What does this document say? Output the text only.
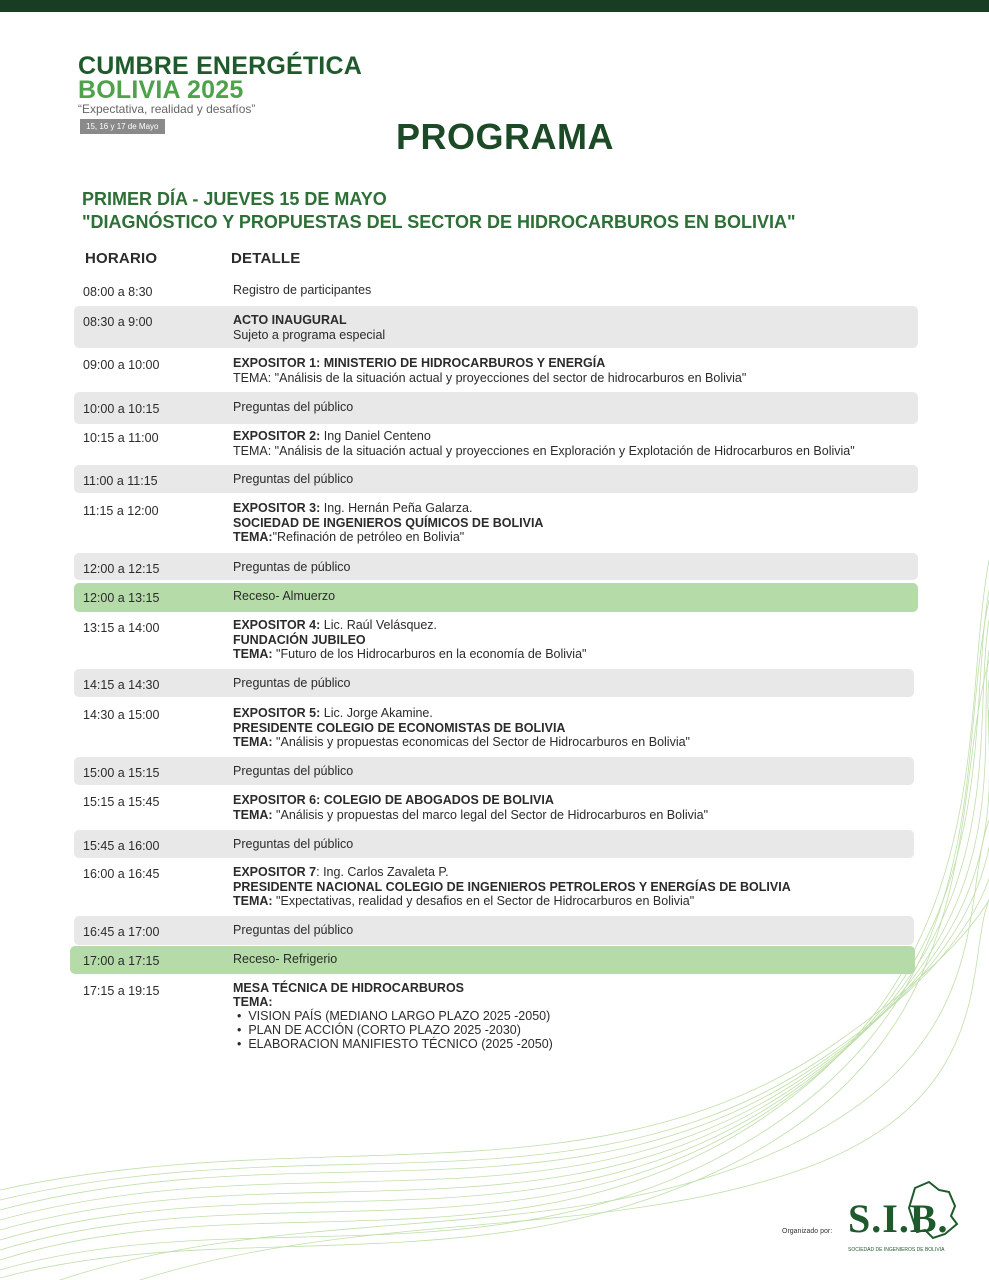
CUMBRE ENERGÉTICA
BOLIVIA 2025
“Expectativa, realidad y desafíos”
15, 16 y 17 de Mayo	PROGRAMA
PRIMER DÍA - JUEVES 15 DE MAYO
"DIAGNÓSTICO Y PROPUESTAS DEL SECTOR DE HIDROCARBUROS EN BOLIVIA"
HORARIO	DETALLE
08:00 a 8:30	Registro de participantes
08:30 a 9:00	ACTO INAUGURAL
Sujeto a programa especial
09:00 a 10:00	EXPOSITOR 1: MINISTERIO DE HIDROCARBUROS Y ENERGÍA
TEMA: "Análisis de la situación actual y proyecciones del sector de hidrocarburos en Bolivia"
10:00 a 10:15	Preguntas del público
10:15 a 11:00	EXPOSITOR 2: Ing Daniel Centeno
TEMA: "Análisis de la situación actual y proyecciones en Exploración y Explotación de Hidrocarburos en Bolivia"
11:00 a 11:15	Preguntas del público
11:15 a 12:00	EXPOSITOR 3: Ing. Hernán Peña Galarza.
SOCIEDAD DE INGENIEROS QUÍMICOS DE BOLIVIA
TEMA:"Refinación de petróleo en Bolivia"
12:00 a 12:15	Preguntas de público
12:00 a 13:15	Receso- Almuerzo
13:15 a 14:00	EXPOSITOR 4: Lic. Raúl Velásquez.
FUNDACIÓN JUBILEO
TEMA: "Futuro de los Hidrocarburos en la economía de Bolivia"
14:15 a 14:30	Preguntas de público
14:30 a 15:00	EXPOSITOR 5: Lic. Jorge Akamine.
PRESIDENTE COLEGIO DE ECONOMISTAS DE BOLIVIA
TEMA: "Análisis y propuestas economicas del Sector de Hidrocarburos en Bolivia"
15:00 a 15:15	Preguntas del público
15:15 a 15:45	EXPOSITOR 6: COLEGIO DE ABOGADOS DE BOLIVIA
TEMA: "Análisis y propuestas del marco legal del Sector de Hidrocarburos en Bolivia"
15:45 a 16:00	Preguntas del público
16:00 a 16:45	EXPOSITOR 7: Ing. Carlos Zavaleta P.
PRESIDENTE NACIONAL COLEGIO DE INGENIEROS PETROLEROS Y ENERGÍAS DE BOLIVIA
TEMA: "Expectativas, realidad y desafios en el Sector de Hidrocarburos en Bolivia"
16:45 a 17:00	Preguntas del público
17:00 a 17:15	Receso- Refrigerio
17:15 a 19:15	MESA TÉCNICA DE HIDROCARBUROS
TEMA:
•  VISION PAÍS (MEDIANO LARGO PLAZO 2025 -2050)
•  PLAN DE ACCIÓN (CORTO PLAZO 2025 -2030)
•  ELABORACION MANIFIESTO TÉCNICO (2025 -2050)
Organizado por: S.I.B.
SOCIEDAD DE INGENIEROS DE BOLIVIA
